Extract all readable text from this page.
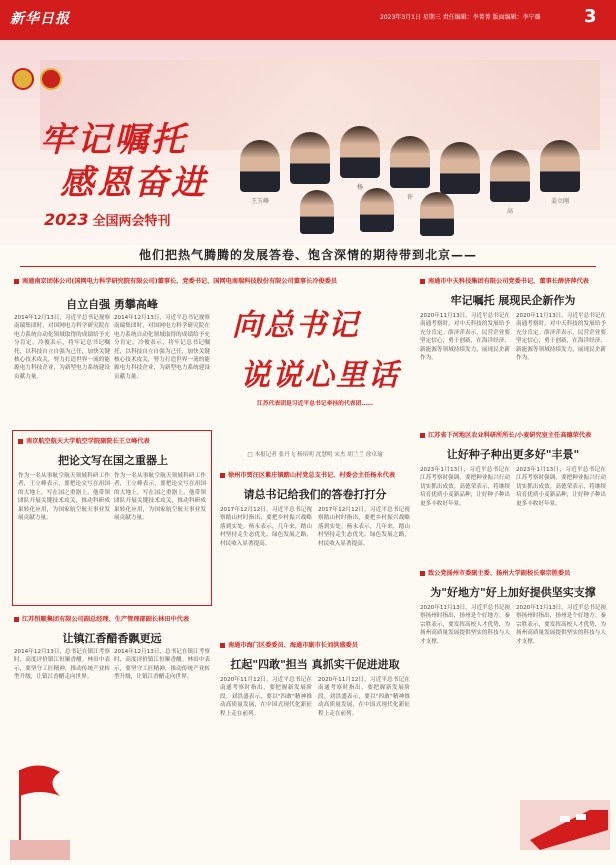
新华日报	2023年3月1日 星期三 责任编辑：李菁菁 版面编辑：李宁璐	3
牢记嘱托
感恩奋进
2023 全国两会特刊
王玉峰
杨
许
高
姜立刚
他们把热气腾腾的发展答卷、饱含深情的期待带到北京——
南通南京团体公司(国网电力科学研究院有限公司)董事长、党委书记、国网电南瑞科技股份有限公司董事长冷俊委员
自立自强 勇攀高峰
2014年12月13日，习近平总书记视察南瑞集团时，对国网电力科学研究院在电力系统自动化领域取得的成绩给予充分肯定。冷俊表示，将牢记总书记嘱托，以科技自立自强为己任，加快关键核心技术攻关，努力打造世界一流的能源电力科技企业，为新型电力系统建设贡献力量。
2014年12月13日，习近平总书记视察南瑞集团时，对国网电力科学研究院在电力系统自动化领域取得的成绩给予充分肯定。冷俊表示，将牢记总书记嘱托，以科技自立自强为己任，加快关键核心技术攻关，努力打造世界一流的能源电力科技企业，为新型电力系统建设贡献力量。
南京航空航天大学航空学院副院长王立峰代表
把论文写在国之重器上
作为一名从事航空航天领域科研工作者，王立峰表示，要把论文写在祖国的大地上，写在国之重器上。他带领团队开展关键技术攻关，推动科研成果转化应用，为国家航空航天事业发展贡献力量。
作为一名从事航空航天领域科研工作者，王立峰表示，要把论文写在祖国的大地上，写在国之重器上。他带领团队开展关键技术攻关，推动科研成果转化应用，为国家航空航天事业发展贡献力量。
江苏恒顺集团有限公司副总经理、生产管理部副长林田中代表
让镇江香醋香飘更远
2014年12月13日，总书记在镇江考察时，高度评价镇江恒顺香醋。林田中表示，要坚守工匠精神，推动传统产业转型升级，让镇江香醋走向世界。
2014年12月13日，总书记在镇江考察时，高度评价镇江恒顺香醋。林田中表示，要坚守工匠精神，推动传统产业转型升级，让镇江香醋走向世界。
向总书记
说说心里话
江苏代表团是习近平总书记牵挂的代表团……
□ 本报记者 张丹飞 杨培明 沈慧明 宋杰 胡兰兰 徐卓瑜
徐州市贾汪区紫庄镇踏山村党总支书记、村委会主任杨永代表
请总书记给我们的答卷打打分
2017年12月12日，习近平总书记视察踏山村时指出，要把乡村振兴战略落到实处。杨永表示，几年来，踏山村坚持走生态优先、绿色发展之路，村民收入显著提高。
2017年12月12日，习近平总书记视察踏山村时指出，要把乡村振兴战略落到实处。杨永表示，几年来，踏山村坚持走生态优先、绿色发展之路，村民收入显著提高。
南通市海门区委委员、海通市副市长刘洪盛委员
扛起"四敢"担当 真抓实干促进进取
2020年11月12日，习近平总书记在南通考察时指出，要把握新发展阶段。刘洪盛表示，要以"四敢"精神推动高质量发展，在中国式现代化新征程上走在前列。
2020年11月12日，习近平总书记在南通考察时指出，要把握新发展阶段。刘洪盛表示，要以"四敢"精神推动高质量发展，在中国式现代化新征程上走在前列。
南通市中天科技集团有限公司党委书记、董事长薛济萍代表
牢记嘱托 展现民企新作为
2020年11月13日，习近平总书记在南通考察时，对中天科技的发展给予充分肯定。薛济萍表示，民营企业要坚定信心，勇于创新，在海洋经济、新能源等领域持续发力，展现民企新作为。
2020年11月13日，习近平总书记在南通考察时，对中天科技的发展给予充分肯定。薛济萍表示，民营企业要坚定信心，勇于创新，在海洋经济、新能源等领域持续发力，展现民企新作为。
江苏省下河地区农业科研所所长/小麦研究室主任高德荣代表
让好种子种出更多好"丰景"
2023年1月13日，习近平总书记在江苏考察时强调，要把种业振兴行动切实抓出成效。高德荣表示，将继续培育优质小麦新品种，让好种子种出更多丰收好年景。
2023年1月13日，习近平总书记在江苏考察时强调，要把种业振兴行动切实抓出成效。高德荣表示，将继续培育优质小麦新品种，让好种子种出更多丰收好年景。
致公党扬州市委副主委、扬州大学副校长秦宗胜委员
为"好地方"好上加好提供坚实支撑
2020年11月13日，习近平总书记视察扬州时指出，扬州是个好地方。秦宗胜表示，要发挥高校人才优势，为扬州高质量发展提供坚实的科技与人才支撑。
2020年11月13日，习近平总书记视察扬州时指出，扬州是个好地方。秦宗胜表示，要发挥高校人才优势，为扬州高质量发展提供坚实的科技与人才支撑。
